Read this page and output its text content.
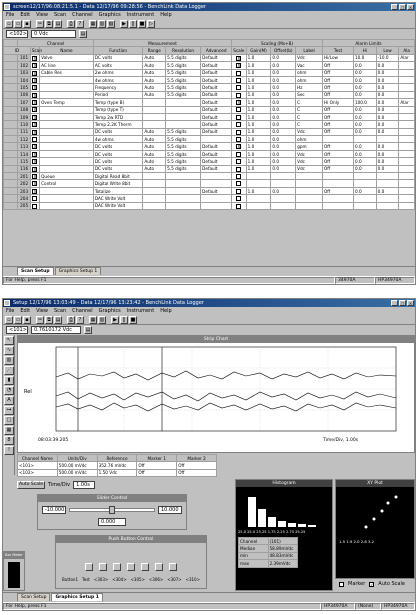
screen12/17/96:08:21:5.1 - Data 12/17/96 09:28:56 - BenchLink Data Logger	_	□	×
File Edit View Scan Channel Graphics Instrument Help
▫ ▭ ▪	✂	⧉ ▤	⎙	?	▦ ▥ ▧	▶	‖	■ ▷
<102>	0 Vdc	▤
	Channel			Measurement				Scaling (Mx+B)				Alarm Limits			
ID		Scan	Name	Function	Range	Resolution	Advanced	Scale	Gain(M)	Offset(b)	Label	Test	Hi	Low	Ala
	101	X	Valve	DC volts	Auto	5.5 digits	Default	X	1.0	0.0	Vdc	Hi/Low	10.0	-10.0	Alar
	102	X	AC line	AC volts	Auto	5.5 digits	Default	X	1.0	0.0	Vac	Off	0.0	0.0	
	103	X	Cable Res	2w ohms	Auto	5.5 digits	Default		1.0	0.0	ohm	Off	0.0	0.0	
	104	X		4w ohms	Auto	5.5 digits	Default		1.0	0.0	ohm	Off	0.0	0.0	
	105	X		Frequency	Auto	5.5 digits	Default		1.0	0.0	Hz	Off	0.0	0.0	
	106	X		Period	Auto	5.5 digits	Default		1.0	0.0	Sec	Off	0.0	0.0	
	107	X	Oven Temp	Temp (type B)			Default	X	1.0	0.0	C	Hi Only	100.0	0.0	Alar
	108	X		Temp (type T)			Default		1.0	0.0	C	Off	0.0	0.0	
	109	X		Temp 2w RTD			Default		1.0	0.0	C	Off	0.0	0.0	
	110	X		Temp 2.2K Therm			Default		1.0	0.0	C	Off	0.0	0.0	
	111	X		DC volts	Auto	5.5 digits	Default		1.0	0.0	Vdc	Off	0.0	0.0	
	112			4w ohms	Auto	5.5 digits			1.0	0.0	ohm				
	113	X		DC volts	Auto	5.5 digits	Default	X	1.0	0.0	gpm	Off	0.0	0.0	
	114	X		DC volts	Auto	5.5 digits	Default		1.0	0.0	Vdc	Off	0.0	0.0	
	115	X		DC volts	Auto	5.5 digits	Default		1.0	0.0	Vdc	Off	0.0	0.0	
	116	X		DC volts	Auto	5.5 digits	Default		1.0	0.0	Vdc	Off	0.0	0.0	
	201	X	Queue	Digital Read 8bit											
	202	X	Control	Digital Write 8bit											
	203	X		Totalize			Default		1.0	0.0		Off	0.0	0.0	
	204			DAC Write Volt											
	205			DAC Write Volt											
Scan Setup	Graphics Setup 1
For Help, press F1	34970A	HP34970A
Setup 12/17/96 13:03:49 - Data 12/17/96 13:23:42 - BenchLink Data Logger	_	□	×
File Edit View Scan Channel Graphics Instrument Help
▫ ▭ ▪	✂	⧉ ▤	⎙	?	▦ ▥	▶	‖	■
<101>	0.7610172 Vdc	▤
↖
∿
▥
⋰
▮
◔
A
⊶
□
▦
8
!
Strip Chart
Rel
08:03:39.205	Time/Div, 1.00s
Channel Name	Units/Div	Reference	Marker 1	Marker 2
<101>	500.00 mVdc	352.76 mVdc	Off	Off
<102>	500.00 mVdc	1.50 Vdc	Off	Off
Auto Scale	Time/Div	1.00s
Slider Control
-10.000	10.000
0.000
Push Button Control
Button1 Test <303> <304> <305> <306> <307> <310>
Bar Meter
Histogram
25.0 25.0 25.25 1.75 2.25 2.75 25.25
Channel	(101)
Median	58.89mVdc
min	48.83mVdc
max	2.39mVdc
XY Plot
1.5 1.9 2.0 2.8 3.2
Marker ✓ Auto Scale
Scan Setup	Graphics Setup 1
For Help, press F1	HP34970A	(None)	HP34970A
